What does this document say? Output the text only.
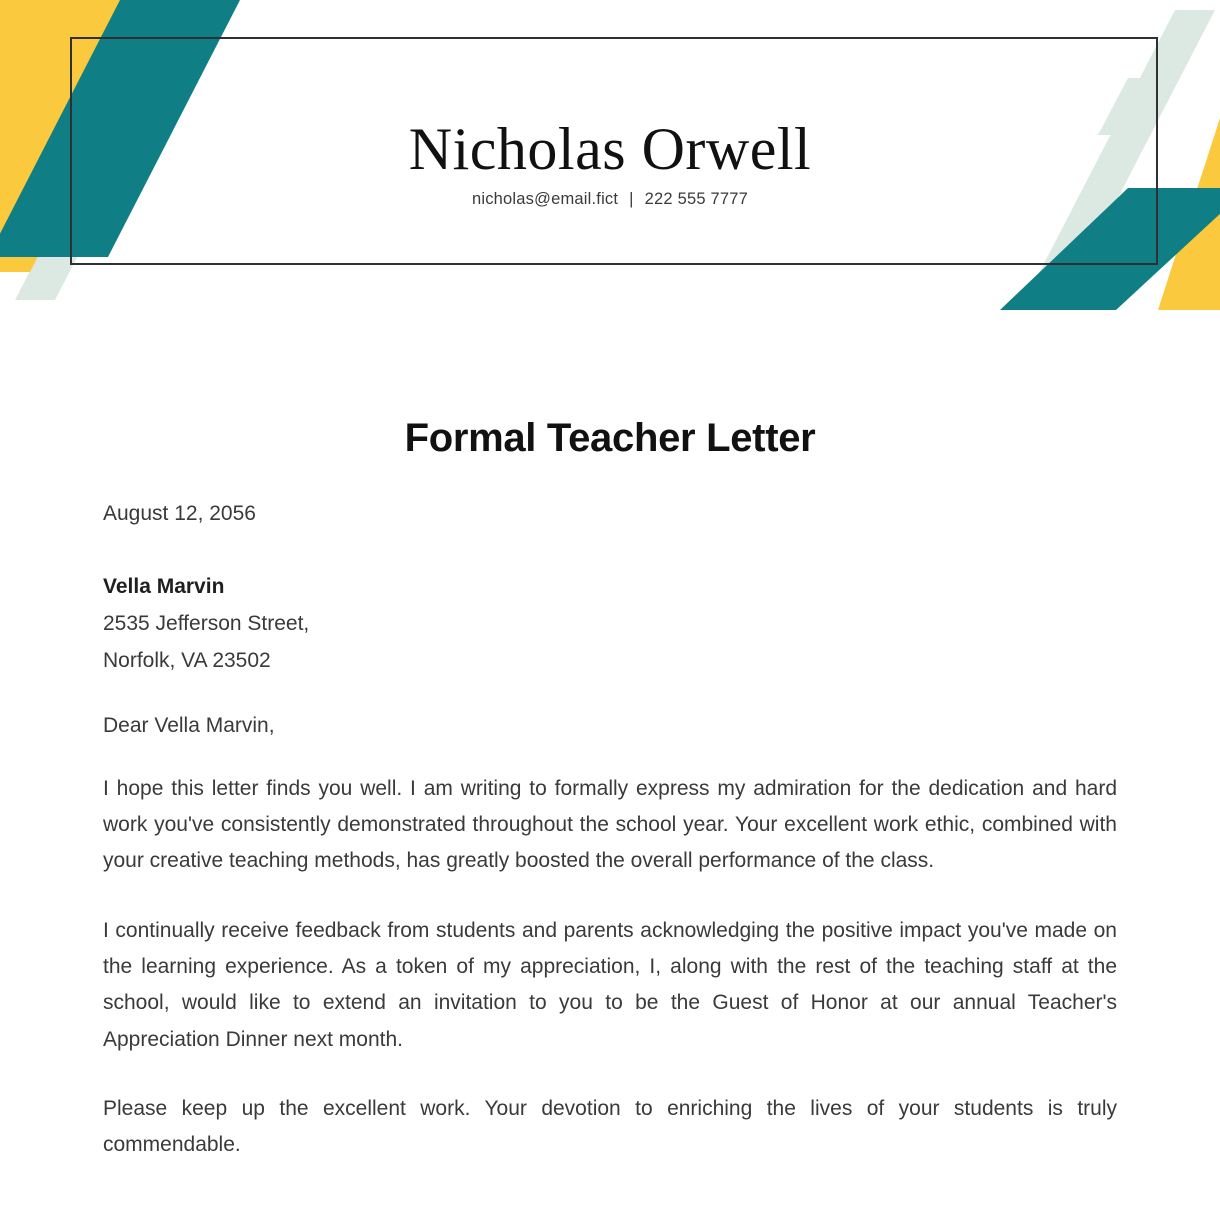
Nicholas Orwell
nicholas@email.fict | 222 555 7777
Formal Teacher Letter
August 12, 2056
Vella Marvin
2535 Jefferson Street,
Norfolk, VA 23502
Dear Vella Marvin,

I hope this letter finds you well. I am writing to formally express my admiration for the dedication and hard work you've consistently demonstrated throughout the school year. Your excellent work ethic, combined with your creative teaching methods, has greatly boosted the overall performance of the class.

I continually receive feedback from students and parents acknowledging the positive impact you've made on the learning experience. As a token of my appreciation, I, along with the rest of the teaching staff at the school, would like to extend an invitation to you to be the Guest of Honor at our annual Teacher's Appreciation Dinner next month.

Please keep up the excellent work. Your devotion to enriching the lives of your students is truly commendable.
